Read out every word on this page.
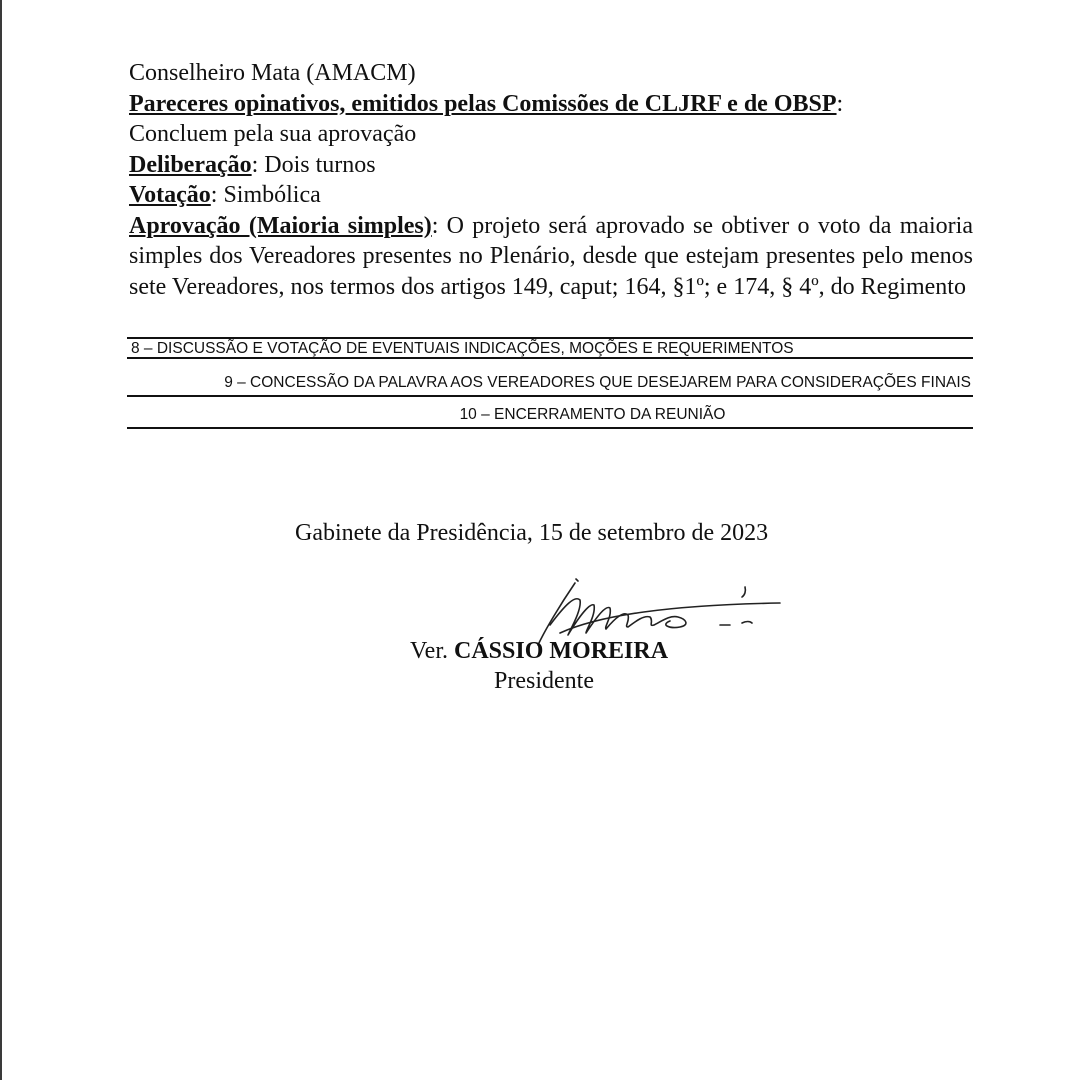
Conselheiro Mata (AMACM)
Pareceres opinativos, emitidos pelas Comissões de CLJRF e de OBSP:
Concluem pela sua aprovação
Deliberação: Dois turnos
Votação: Simbólica
Aprovação (Maioria simples): O projeto será aprovado se obtiver o voto da maioria simples dos Vereadores presentes no Plenário, desde que estejam presentes pelo menos sete Vereadores, nos termos dos artigos 149, caput; 164, §1º; e 174, § 4º, do Regimento
8 – DISCUSSÃO E VOTAÇÃO DE EVENTUAIS INDICAÇÕES, MOÇÕES E REQUERIMENTOS
9 – CONCESSÃO DA PALAVRA AOS VEREADORES QUE DESEJAREM PARA CONSIDERAÇÕES FINAIS
10 – ENCERRAMENTO DA REUNIÃO
Gabinete da Presidência, 15 de setembro de 2023
Ver. CÁSSIO MOREIRA
Presidente
